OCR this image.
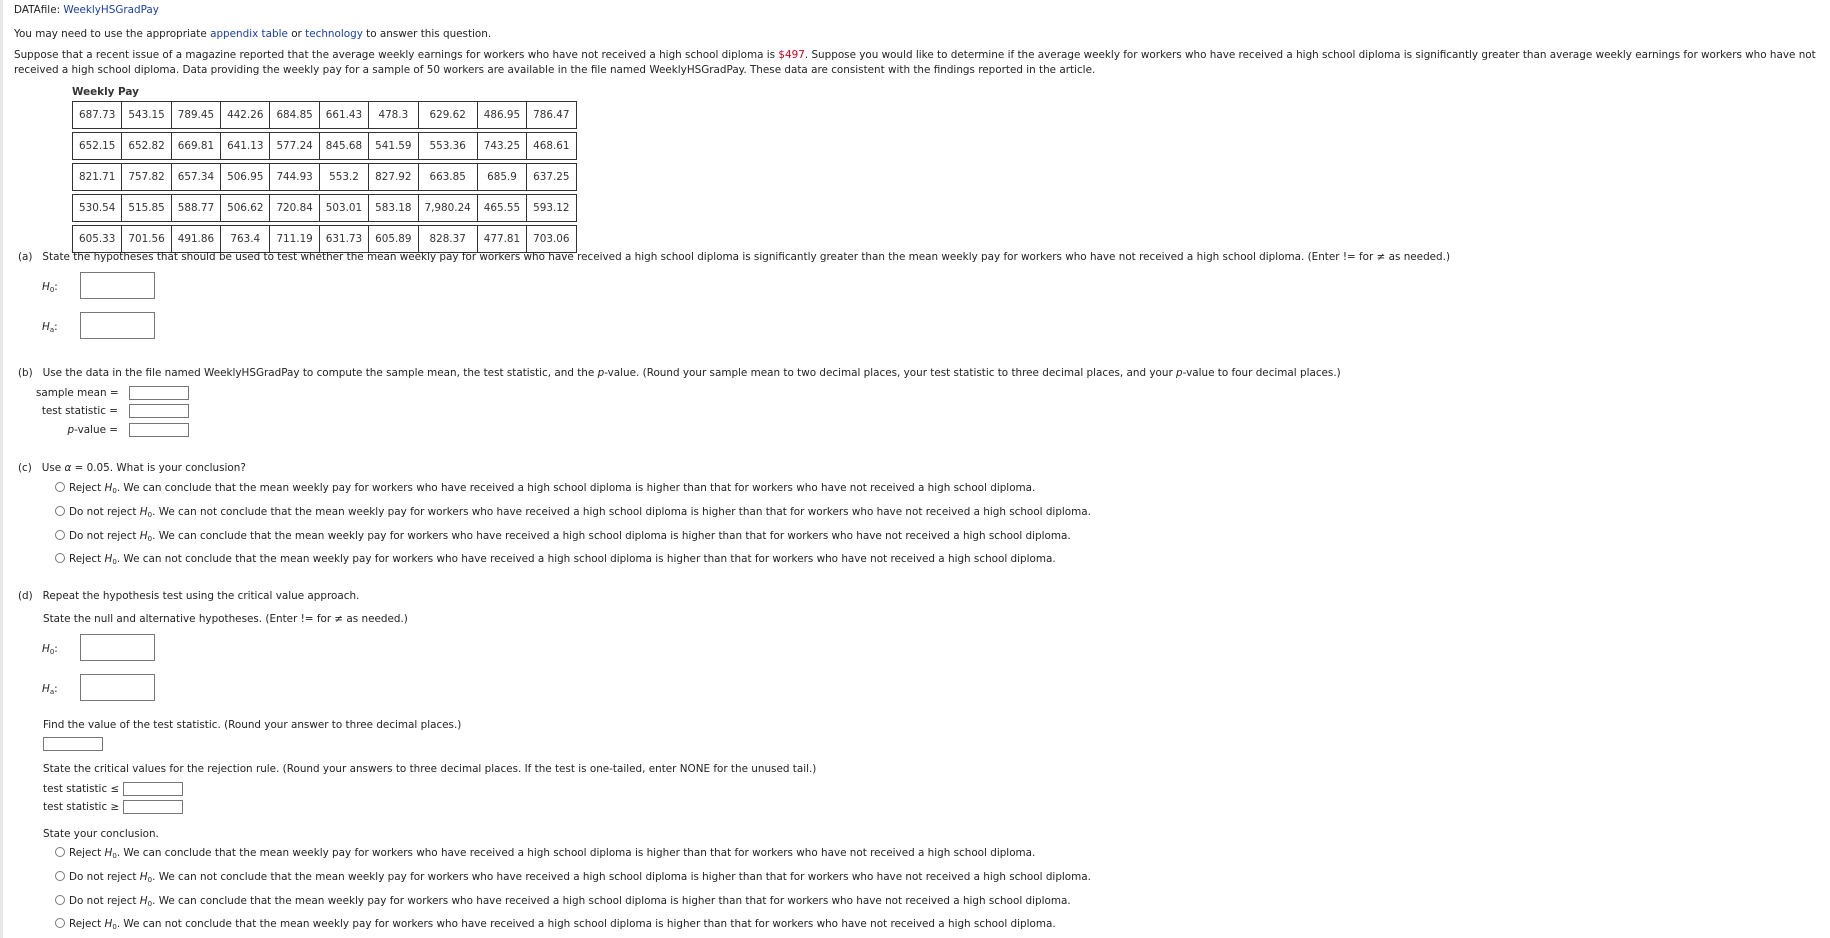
DATAfile: WeeklyHSGradPay
You may need to use the appropriate appendix table or technology to answer this question.
Suppose that a recent issue of a magazine reported that the average weekly earnings for workers who have not received a high school diploma is $497. Suppose you would like to determine if the average weekly for workers who have received a high school diploma is significantly greater than average weekly earnings for workers who have not received a high school diploma. Data providing the weekly pay for a sample of 50 workers are available in the file named WeeklyHSGradPay. These data are consistent with the findings reported in the article.
Weekly Pay
687.73	543.15	789.45	442.26	684.85	661.43	478.3	629.62	486.95	786.47

652.15	652.82	669.81	641.13	577.24	845.68	541.59	553.36	743.25	468.61

821.71	757.82	657.34	506.95	744.93	553.2	827.92	663.85	685.9	637.25

530.54	515.85	588.77	506.62	720.84	503.01	583.18	7,980.24	465.55	593.12

605.33	701.56	491.86	763.4	711.19	631.73	605.89	828.37	477.81	703.06
(a) State the hypotheses that should be used to test whether the mean weekly pay for workers who have received a high school diploma is significantly greater than the mean weekly pay for workers who have not received a high school diploma. (Enter != for ≠ as needed.)
$H_0$:
$H_a$:
(b) Use the data in the file named WeeklyHSGradPay to compute the sample mean, the test statistic, and the p-value. (Round your sample mean to two decimal places, your test statistic to three decimal places, and your p-value to four decimal places.)
sample mean =
test statistic =
p-value =
(c) Use α = 0.05. What is your conclusion?
Reject $H_0$. We can conclude that the mean weekly pay for workers who have received a high school diploma is higher than that for workers who have not received a high school diploma.
Do not reject $H_0$. We can not conclude that the mean weekly pay for workers who have received a high school diploma is higher than that for workers who have not received a high school diploma.
Do not reject $H_0$. We can conclude that the mean weekly pay for workers who have received a high school diploma is higher than that for workers who have not received a high school diploma.
Reject $H_0$. We can not conclude that the mean weekly pay for workers who have received a high school diploma is higher than that for workers who have not received a high school diploma.
(d) Repeat the hypothesis test using the critical value approach.
State the null and alternative hypotheses. (Enter != for ≠ as needed.)
$H_0$:
$H_a$:
Find the value of the test statistic. (Round your answer to three decimal places.)
State the critical values for the rejection rule. (Round your answers to three decimal places. If the test is one-tailed, enter NONE for the unused tail.)
test statistic ≤
test statistic ≥
State your conclusion.
Reject $H_0$. We can conclude that the mean weekly pay for workers who have received a high school diploma is higher than that for workers who have not received a high school diploma.
Do not reject $H_0$. We can not conclude that the mean weekly pay for workers who have received a high school diploma is higher than that for workers who have not received a high school diploma.
Do not reject $H_0$. We can conclude that the mean weekly pay for workers who have received a high school diploma is higher than that for workers who have not received a high school diploma.
Reject $H_0$. We can not conclude that the mean weekly pay for workers who have received a high school diploma is higher than that for workers who have not received a high school diploma.
